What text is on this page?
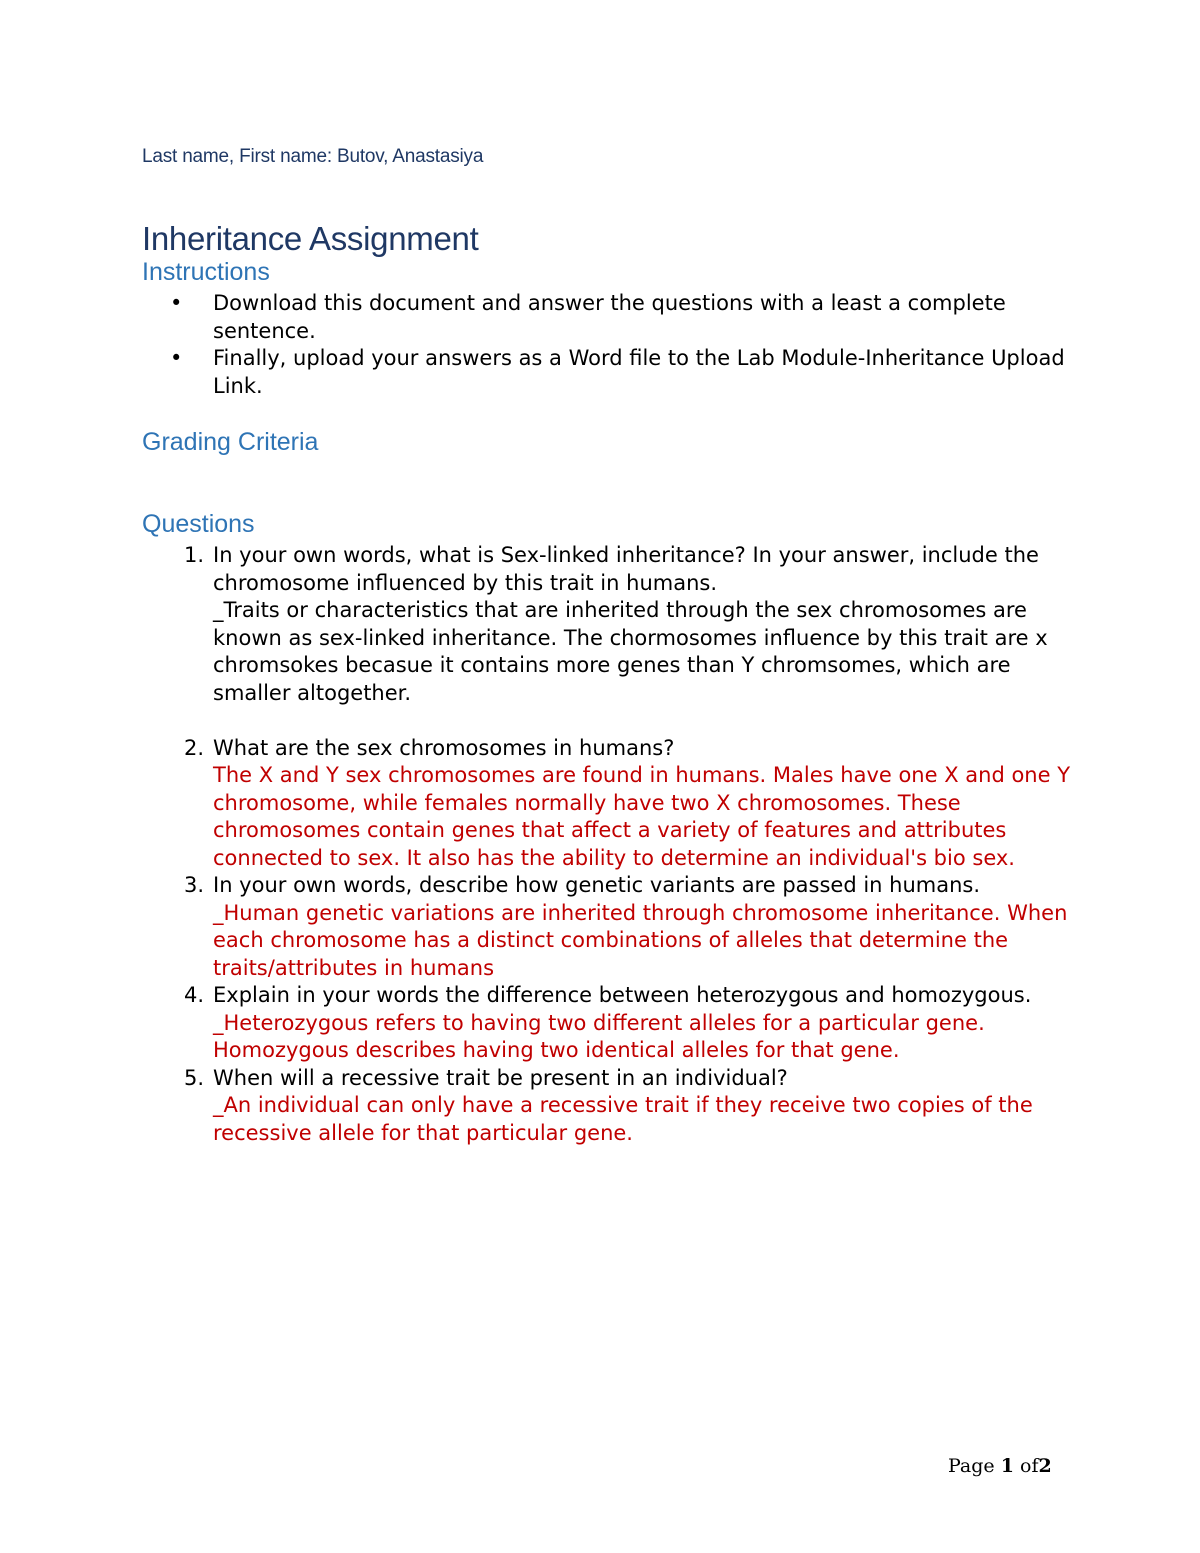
Last name, First name: Butov, Anastasiya
Inheritance Assignment
Instructions
•	Download this document and answer the questions with a least a complete sentence.
•	Finally, upload your answers as a Word file to the Lab Module-Inheritance Upload Link.
Grading Criteria
Questions
1. In your own words, what is Sex-linked inheritance? In your answer, include the chromosome influenced by this trait in humans.
_Traits or characteristics that are inherited through the sex chromosomes are known as sex-linked inheritance. The chormosomes influence by this trait are x chromsokes becasue it contains more genes than Y chromsomes, which are smaller altogether.
2. What are the sex chromosomes in humans?
The X and Y sex chromosomes are found in humans. Males have one X and one Y chromosome, while females normally have two X chromosomes. These chromosomes contain genes that affect a variety of features and attributes connected to sex. It also has the ability to determine an individual's bio sex.
3. In your own words, describe how genetic variants are passed in humans.
_Human genetic variations are inherited through chromosome inheritance. When each chromosome has a distinct combinations of alleles that determine the traits/attributes in humans
4. Explain in your words the difference between heterozygous and homozygous.
_Heterozygous refers to having two different alleles for a particular gene. Homozygous describes having two identical alleles for that gene.
5. When will a recessive trait be present in an individual?
_An individual can only have a recessive trait if they receive two copies of the recessive allele for that particular gene.
Page 1 of2
